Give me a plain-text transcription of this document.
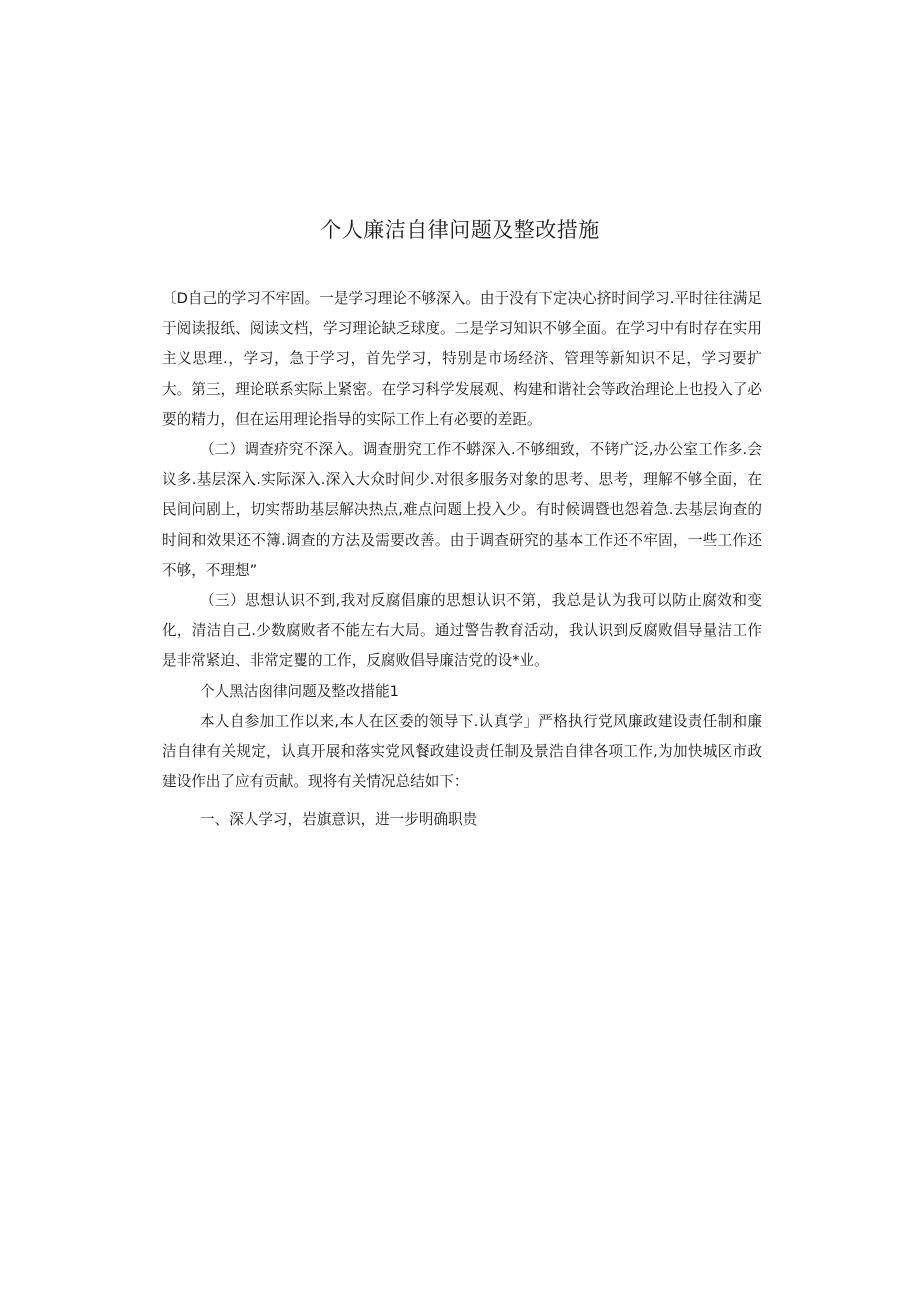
个人廉洁自律问题及整改措施

〔D自己的学习不牢固。一是学习理论不够深入。由于没有下定决心挤时间学习.平时往往满足于阅读报纸、阅读文档，学习理论缺乏球度。二是学习知识不够全面。在学习中有时存在实用主义思理.，学习，急于学习，首先学习，特别是市场经济、管理等新知识不足，学习要扩大。第三，理论联系实际上紧密。在学习科学发展观、构建和谐社会等政治理论上也投入了必要的精力，但在运用理论指导的实际工作上有必要的差距。

（二）调查疥究不深入。调查册究工作不蟒深入.不够细致，不铐广泛,办公室工作多.会议多.基层深入.实际深入.深入大众时间少.对很多服务对象的思考、思考，理解不够全面，在民间问剧上，切实帮助基层解决热点,难点问题上投入少。有时候调暨也怨着急.去基层询查的时间和效果还不簿.调查的方法及需要改善。由于调查研究的基本工作还不牢固，一些工作还不够，不理想”

（三）思想认识不到,我对反腐倡廉的思想认识不第，我总是认为我可以防止腐效和变化，清洁自己.少数腐败者不能左右大局。通过警告教育活动，我认识到反腐败倡导量洁工作是非常紧迫、非常定矍的工作，反腐败倡导廉洁党的设*业。

个人黑沽囱律问题及整改措能1

本人自参加工作以来,本人在区委的领导下.认真学」严格执行党风廉政建设责任制和廉洁自律有关规定，认真开展和落实党风餐政建设责任制及景浩自律各项工作,为加快城区市政建设作出了应有贡献。现将有关情况总结如下：

一、深人学习，岩旗意识，进一步明确职贵
